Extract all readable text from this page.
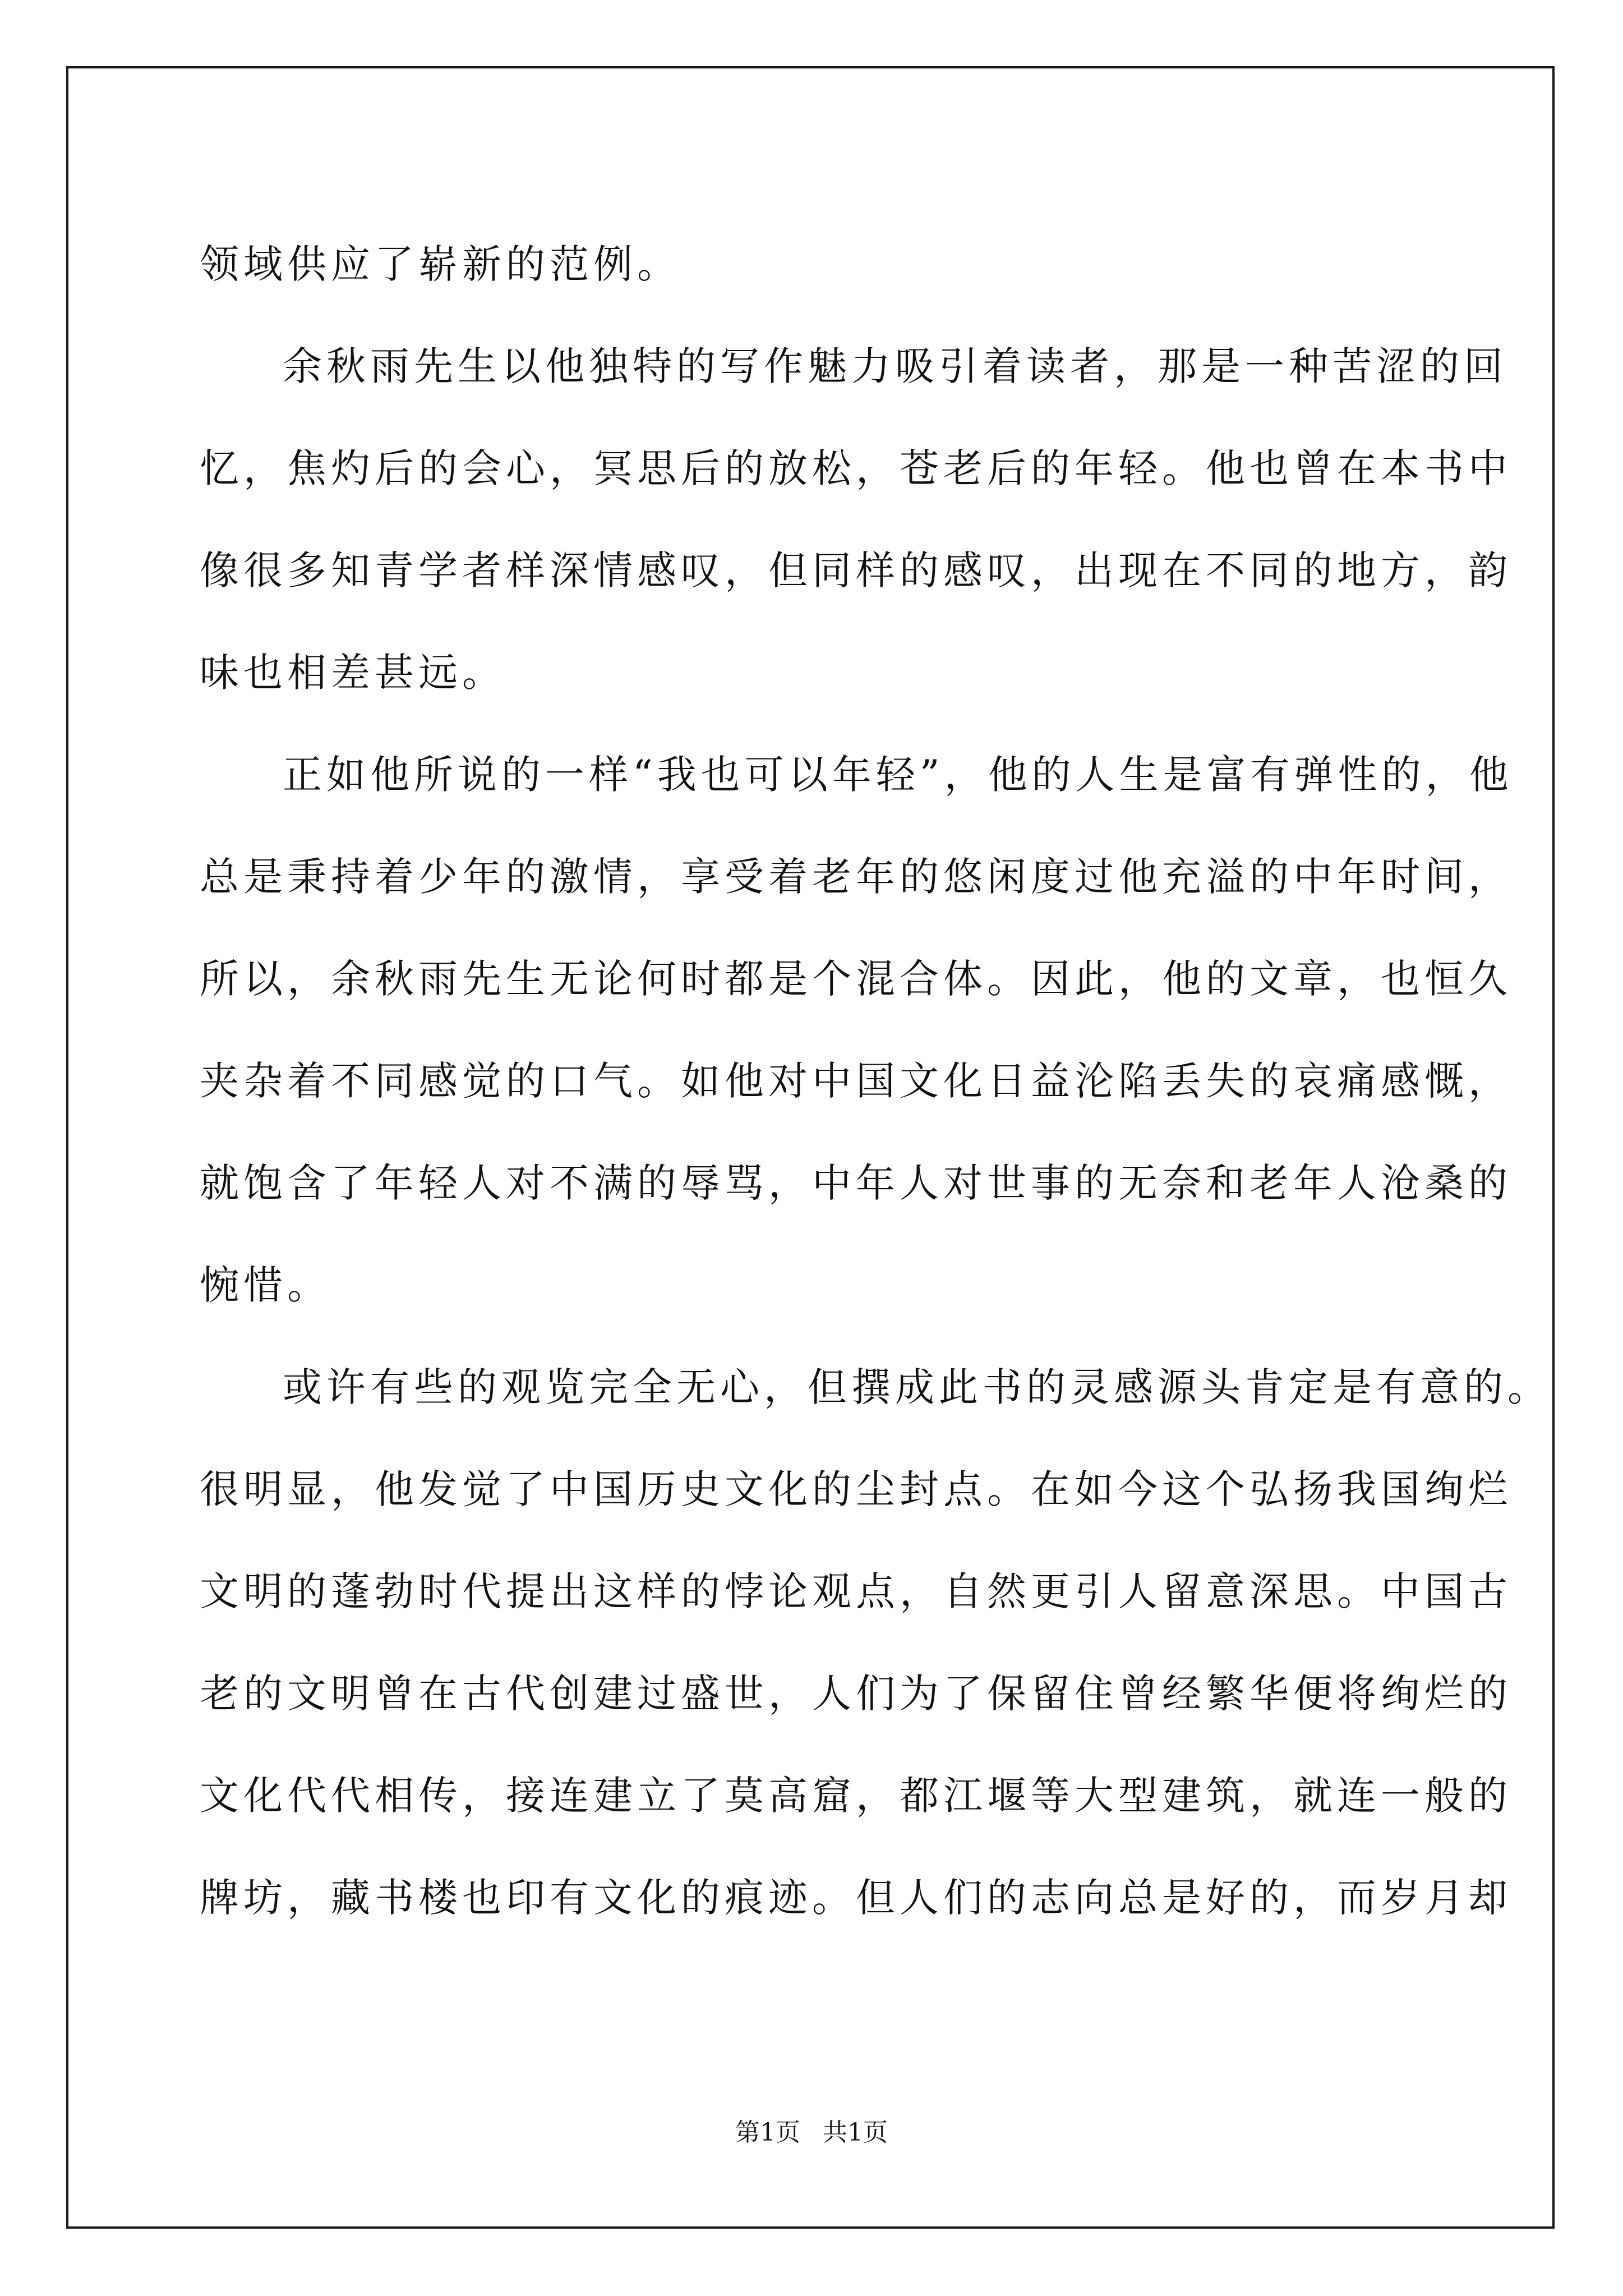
领域供应了崭新的范例。
余秋雨先生以他独特的写作魅力吸引着读者，那是一种苦涩的回
忆，焦灼后的会心，冥思后的放松，苍老后的年轻。他也曾在本书中
像很多知青学者样深情感叹，但同样的感叹，出现在不同的地方，韵
味也相差甚远。
正如他所说的一样“我也可以年轻”，他的人生是富有弹性的，他
总是秉持着少年的激情，享受着老年的悠闲度过他充溢的中年时间，
所以，余秋雨先生无论何时都是个混合体。因此，他的文章，也恒久
夹杂着不同感觉的口气。如他对中国文化日益沦陷丢失的哀痛感慨，
就饱含了年轻人对不满的辱骂，中年人对世事的无奈和老年人沧桑的
惋惜。
或许有些的观览完全无心，但撰成此书的灵感源头肯定是有意的。
很明显，他发觉了中国历史文化的尘封点。在如今这个弘扬我国绚烂
文明的蓬勃时代提出这样的悖论观点，自然更引人留意深思。中国古
老的文明曾在古代创建过盛世，人们为了保留住曾经繁华便将绚烂的
文化代代相传，接连建立了莫高窟，都江堰等大型建筑，就连一般的
牌坊，藏书楼也印有文化的痕迹。但人们的志向总是好的，而岁月却
第1页 共1页
